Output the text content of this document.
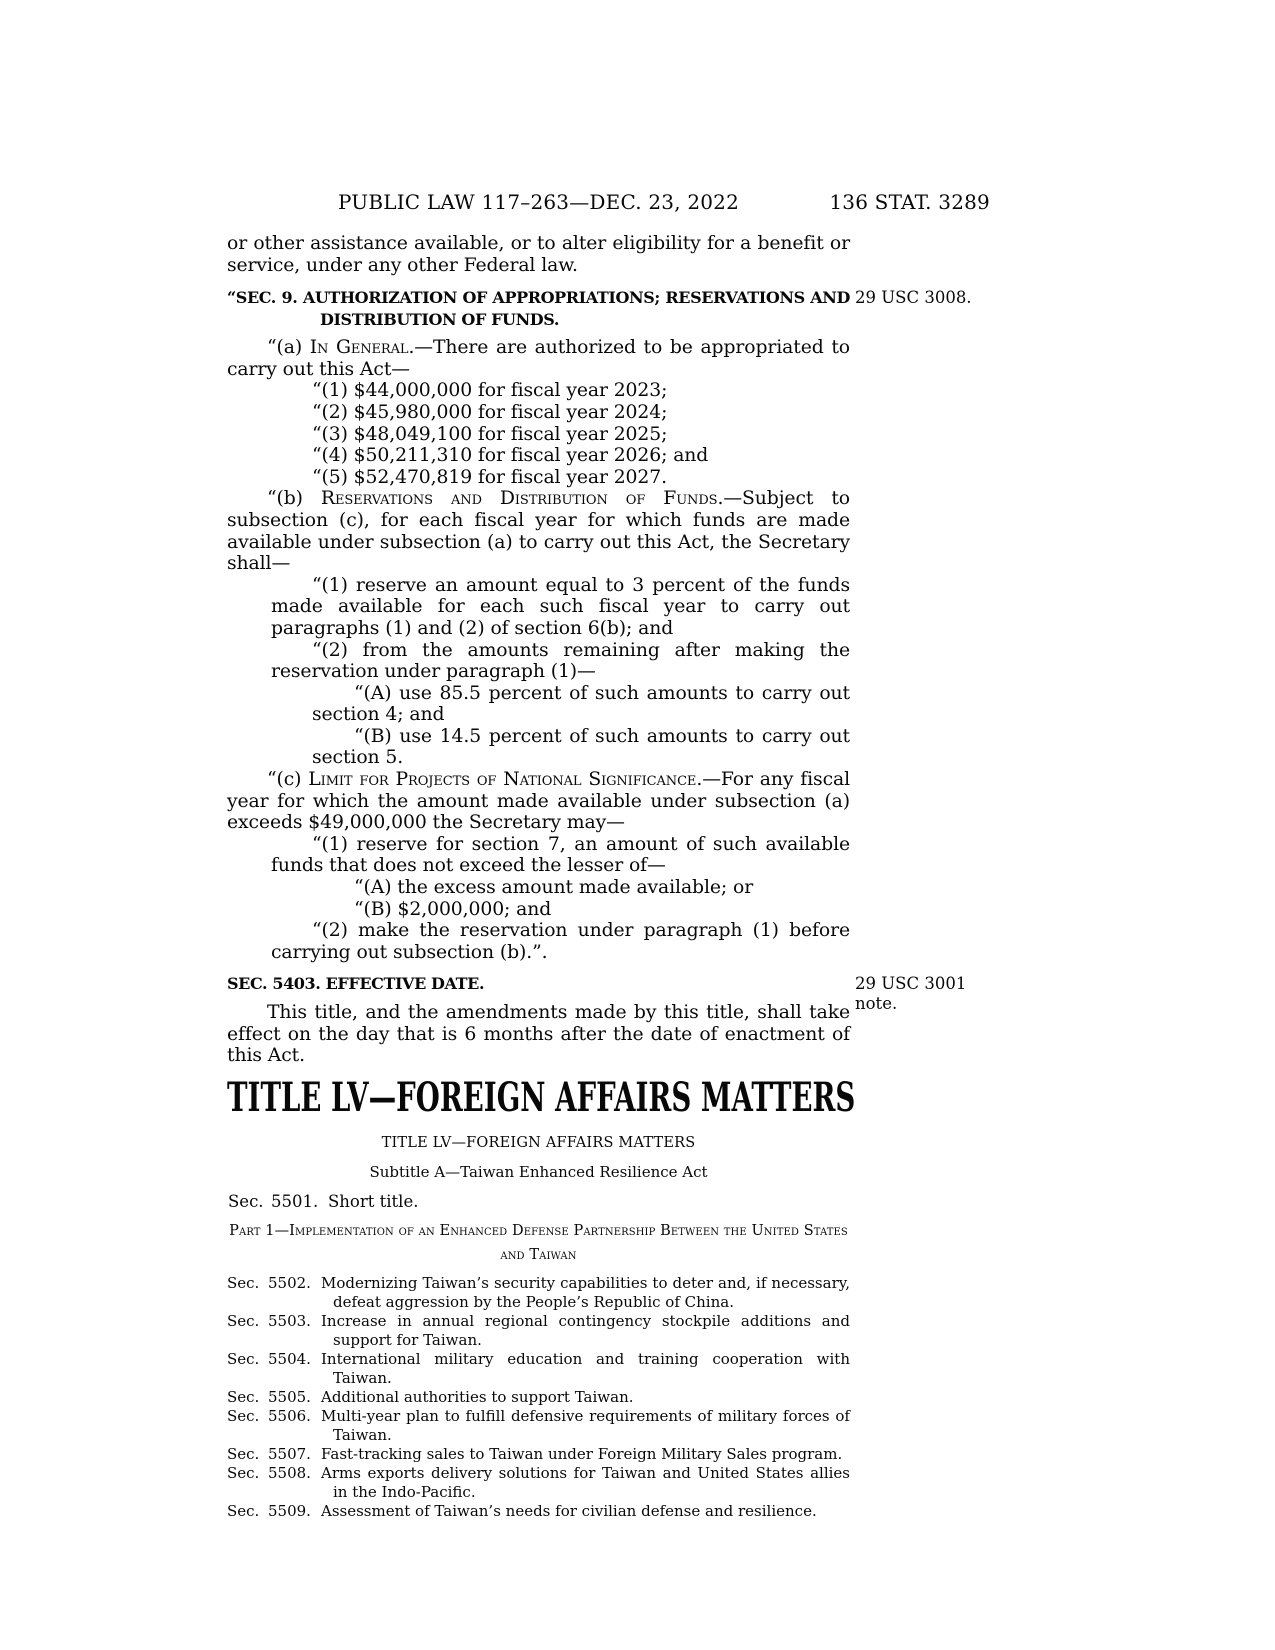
PUBLIC LAW 117–263—DEC. 23, 2022	136 STAT. 3289

or other assistance available, or to alter eligibility for a benefit or service, under any other Federal law.

29 USC 3008.
“SEC. 9. AUTHORIZATION OF APPROPRIATIONS; RESERVATIONS AND DISTRIBUTION OF FUNDS.

“(a) In General.—There are authorized to be appropriated to carry out this Act—

“(1) $44,000,000 for fiscal year 2023;
“(2) $45,980,000 for fiscal year 2024;
“(3) $48,049,100 for fiscal year 2025;
“(4) $50,211,310 for fiscal year 2026; and
“(5) $52,470,819 for fiscal year 2027.

“(b) Reservations and Distribution of Funds.—Subject to subsection (c), for each fiscal year for which funds are made available under subsection (a) to carry out this Act, the Secretary shall—

“(1) reserve an amount equal to 3 percent of the funds made available for each such fiscal year to carry out paragraphs (1) and (2) of section 6(b); and
“(2) from the amounts remaining after making the reservation under paragraph (1)—
“(A) use 85.5 percent of such amounts to carry out section 4; and
“(B) use 14.5 percent of such amounts to carry out section 5.

“(c) Limit for Projects of National Significance.—For any fiscal year for which the amount made available under subsection (a) exceeds $49,000,000 the Secretary may—

“(1) reserve for section 7, an amount of such available funds that does not exceed the lesser of—
“(A) the excess amount made available; or
“(B) $2,000,000; and
“(2) make the reservation under paragraph (1) before carrying out subsection (b).”.
29 USC 3001 note.
SEC. 5403. EFFECTIVE DATE.

This title, and the amendments made by this title, shall take effect on the day that is 6 months after the date of enactment of this Act.

TITLE LV—FOREIGN AFFAIRS MATTERS
TITLE LV—FOREIGN AFFAIRS MATTERS
Subtitle A—Taiwan Enhanced Resilience Act
Sec. 5501. Short title.
Part 1—Implementation of an Enhanced Defense Partnership Between the United States and Taiwan
Sec. 5502. Modernizing Taiwan’s security capabilities to deter and, if necessary, defeat aggression by the People’s Republic of China.
Sec. 5503. Increase in annual regional contingency stockpile additions and support for Taiwan.
Sec. 5504. International military education and training cooperation with Taiwan.
Sec. 5505. Additional authorities to support Taiwan.
Sec. 5506. Multi-year plan to fulfill defensive requirements of military forces of Taiwan.
Sec. 5507. Fast-tracking sales to Taiwan under Foreign Military Sales program.
Sec. 5508. Arms exports delivery solutions for Taiwan and United States allies in the Indo-Pacific.
Sec. 5509. Assessment of Taiwan’s needs for civilian defense and resilience.
